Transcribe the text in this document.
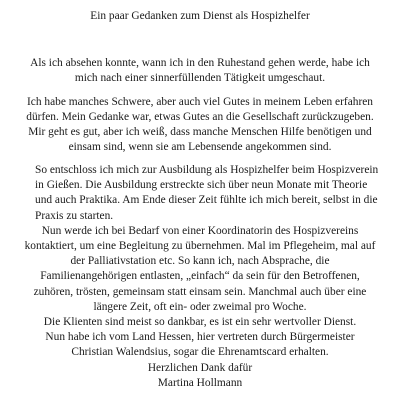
Ein paar Gedanken zum Dienst als Hospizhelfer
Als ich absehen konnte, wann ich in den Ruhestand gehen werde, habe ich
mich nach einer sinnerfüllenden Tätigkeit umgeschaut.
Ich habe manches Schwere, aber auch viel Gutes in meinem Leben erfahren
dürfen. Mein Gedanke war, etwas Gutes an die Gesellschaft zurückzugeben.
Mir geht es gut, aber ich weiß, dass manche Menschen Hilfe benötigen und
einsam sind, wenn sie am Lebensende angekommen sind.
So entschloss ich mich zur Ausbildung als Hospizhelfer beim Hospizverein
in Gießen. Die Ausbildung erstreckte sich über neun Monate mit Theorie
und auch Praktika. Am Ende dieser Zeit fühlte ich mich bereit, selbst in die
Praxis zu starten.
Nun werde ich bei Bedarf von einer Koordinatorin des Hospizvereins
kontaktiert, um eine Begleitung zu übernehmen. Mal im Pflegeheim, mal auf
der Palliativstation etc. So kann ich, nach Absprache, die
Familienangehörigen entlasten, „einfach“ da sein für den Betroffenen,
zuhören, trösten, gemeinsam statt einsam sein. Manchmal auch über eine
längere Zeit, oft ein- oder zweimal pro Woche.
Die Klienten sind meist so dankbar, es ist ein sehr wertvoller Dienst.
Nun habe ich vom Land Hessen, hier vertreten durch Bürgermeister
Christian Walendsius, sogar die Ehrenamtscard erhalten.
Herzlichen Dank dafür
Martina Hollmann
